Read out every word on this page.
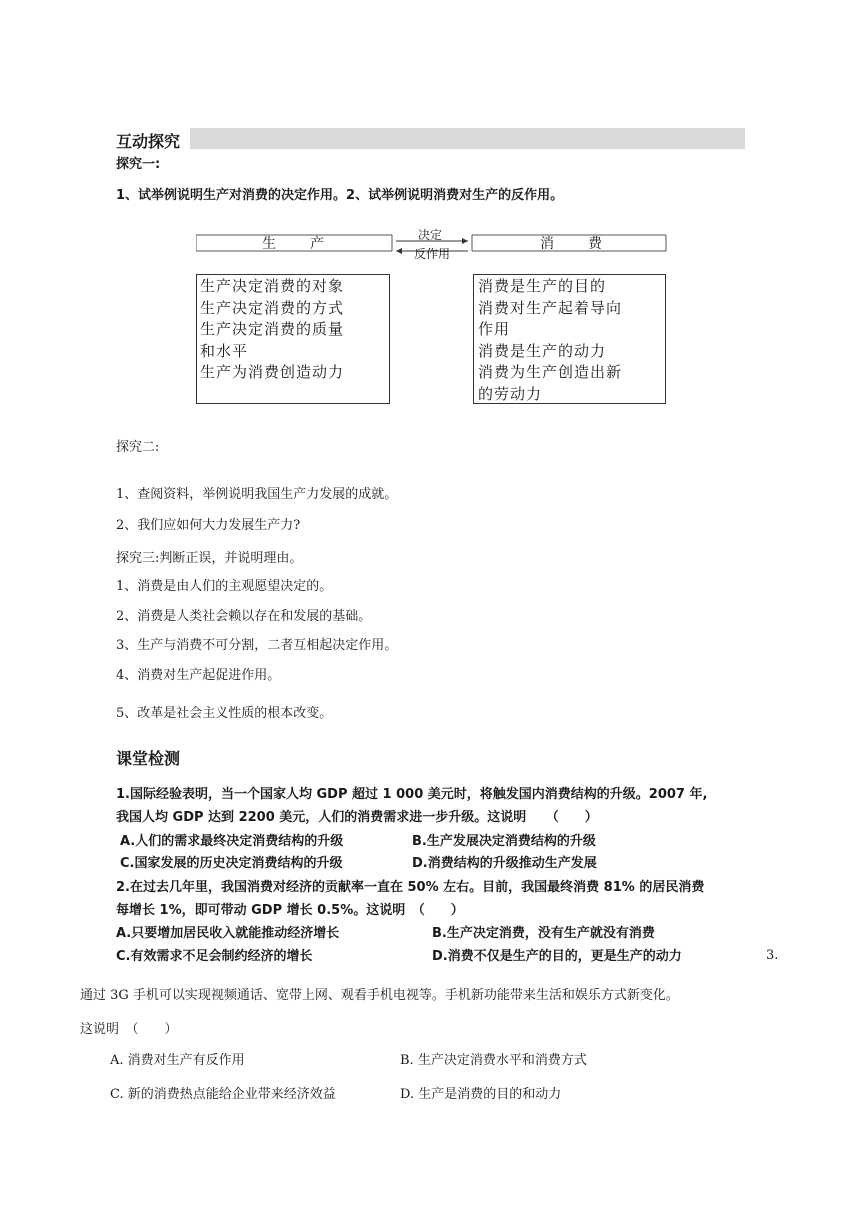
互动探究
探究一:
1、试举例说明生产对消费的决定作用。2、试举例说明消费对生产的反作用。
生　　产	消　　费
决定
反作用
生产决定消费的对象
生产决定消费的方式
生产决定消费的质量
和水平
生产为消费创造动力
消费是生产的目的
消费对生产起着导向
作用
消费是生产的动力
消费为生产创造出新
的劳动力
探究二:
1、查阅资料，举例说明我国生产力发展的成就。
2、我们应如何大力发展生产力?
探究三:判断正误，并说明理由。
1、消费是由人们的主观愿望决定的。
2、消费是人类社会赖以存在和发展的基础。
3、生产与消费不可分割，二者互相起决定作用。
4、消费对生产起促进作用。
5、改革是社会主义性质的根本改变。
课堂检测
1.国际经验表明，当一个国家人均 GDP 超过 1 000 美元时，将触发国内消费结构的升级。2007 年,
我国人均 GDP 达到 2200 美元，人们的消费需求进一步升级。这说明　　（　　）
A.人们的需求最终决定消费结构的升级	B.生产发展决定消费结构的升级
C.国家发展的历史决定消费结构的升级	D.消费结构的升级推动生产发展
2.在过去几年里，我国消费对经济的贡献率一直在 50% 左右。目前，我国最终消费 81% 的居民消费
每增长 1%，即可带动 GDP 增长 0.5%。这说明　（　　）
A.只要增加居民收入就能推动经济增长	B.生产决定消费，没有生产就没有消费
C.有效需求不足会制约经济的增长	D.消费不仅是生产的目的，更是生产的动力	3.
通过 3G 手机可以实现视频通话、宽带上网、观看手机电视等。手机新功能带来生活和娱乐方式新变化。
这说明　（　　）
A. 消费对生产有反作用	B. 生产决定消费水平和消费方式
C. 新的消费热点能给企业带来经济效益	D. 生产是消费的目的和动力
